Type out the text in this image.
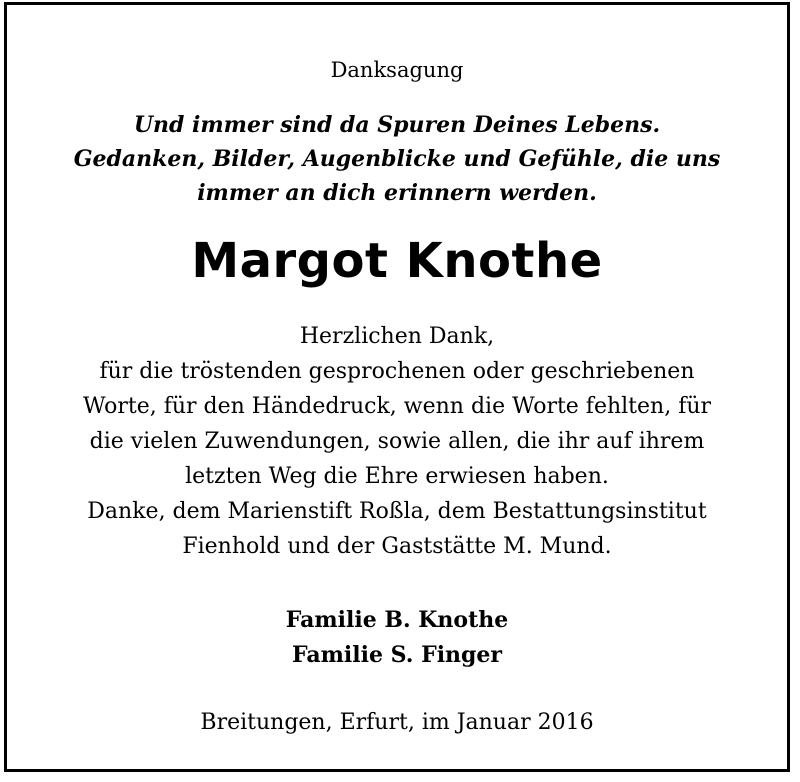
Danksagung
Und immer sind da Spuren Deines Lebens.
Gedanken, Bilder, Augenblicke und Gefühle, die uns
immer an dich erinnern werden.
Margot Knothe
Herzlichen Dank,
für die tröstenden gesprochenen oder geschriebenen
Worte, für den Händedruck, wenn die Worte fehlten, für
die vielen Zuwendungen, sowie allen, die ihr auf ihrem
letzten Weg die Ehre erwiesen haben.
Danke, dem Marienstift Roßla, dem Bestattungsinstitut
Fienhold und der Gaststätte M. Mund.
Familie B. Knothe
Familie S. Finger
Breitungen, Erfurt, im Januar 2016
